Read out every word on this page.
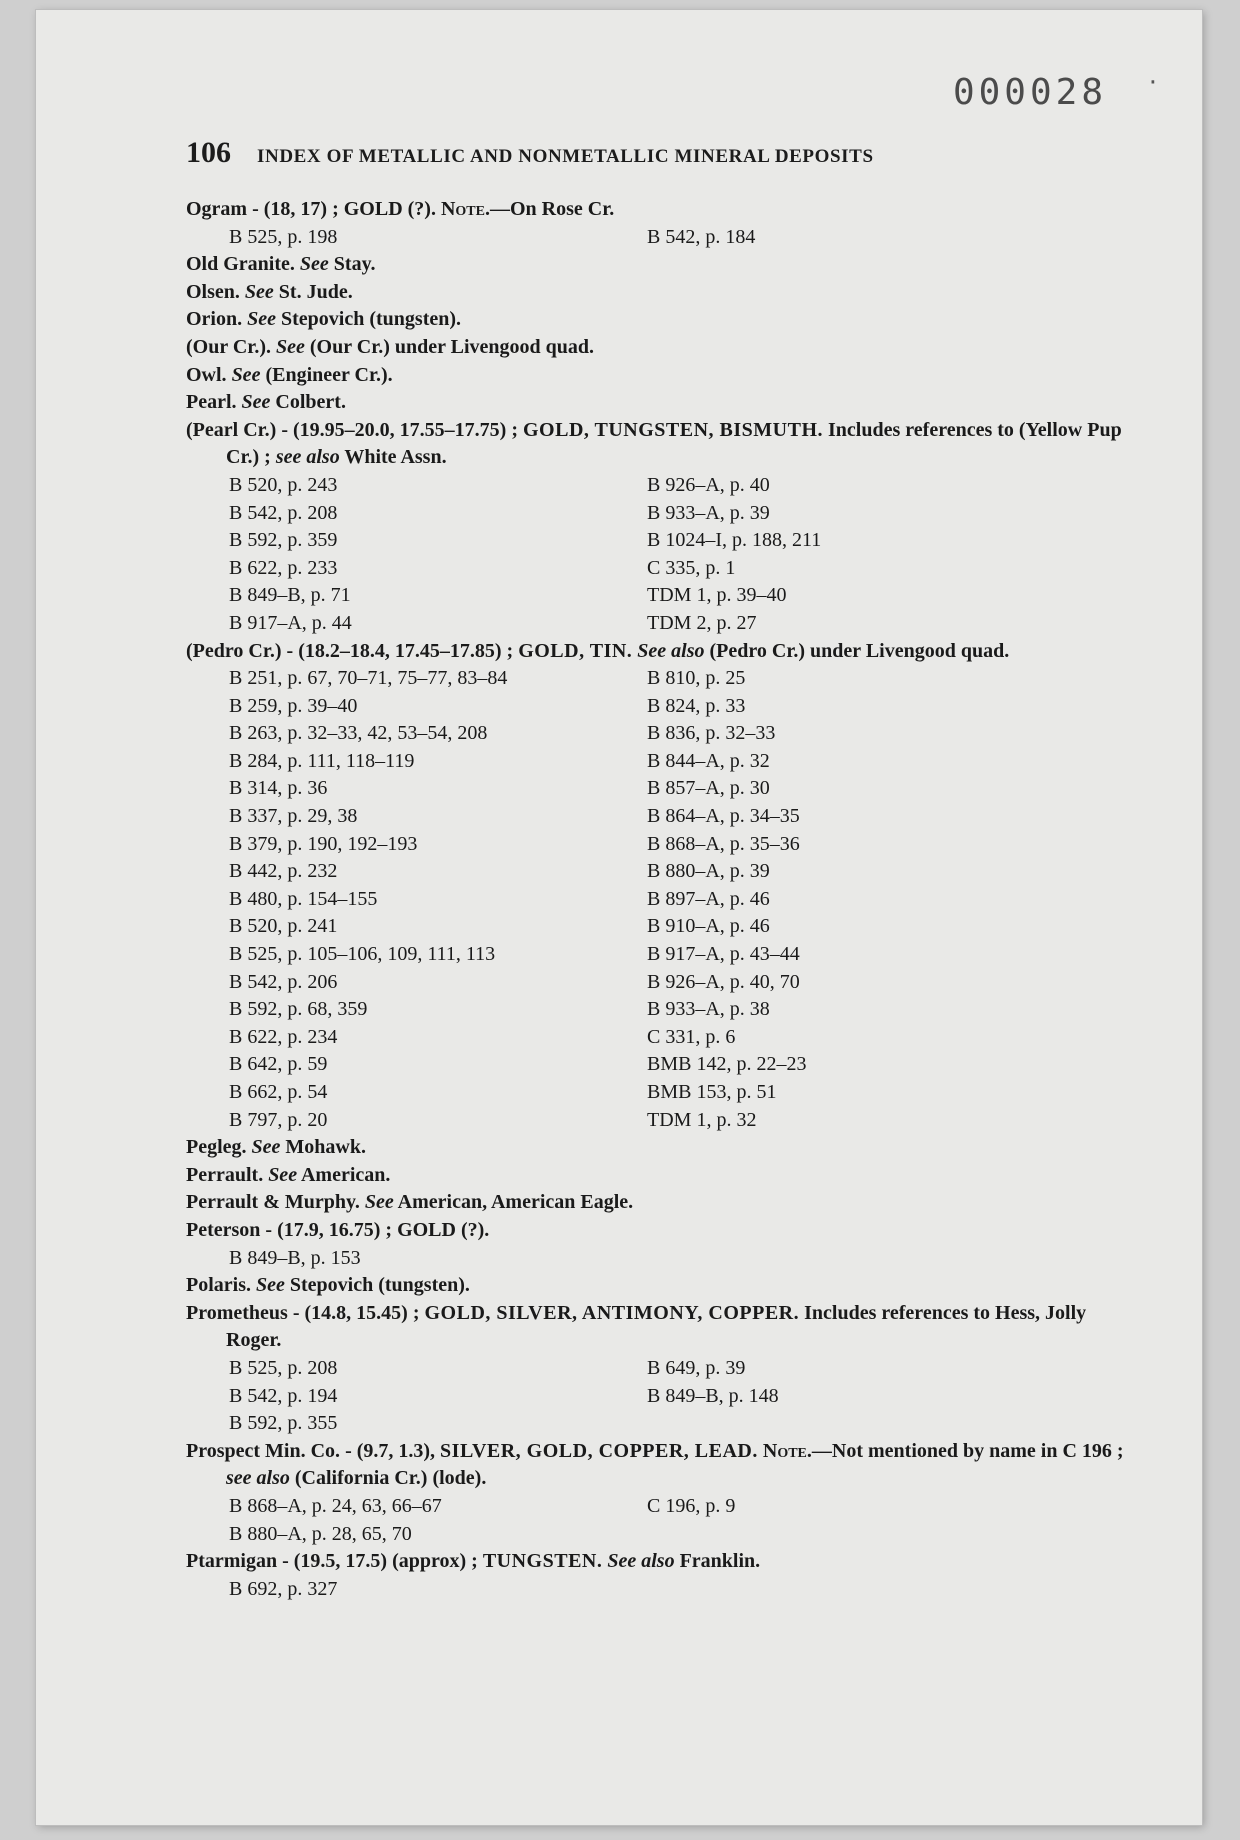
000028 ·
106 INDEX OF METALLIC AND NONMETALLIC MINERAL DEPOSITS
Ogram - (18, 17) ; GOLD (?). Note.—On Rose Cr.
B 525, p. 198	B 542, p. 184
Old Granite. See Stay.
Olsen. See St. Jude.
Orion. See Stepovich (tungsten).
(Our Cr.). See (Our Cr.) under Livengood quad.
Owl. See (Engineer Cr.).
Pearl. See Colbert.
(Pearl Cr.) - (19.95–20.0, 17.55–17.75) ; GOLD, TUNGSTEN, BISMUTH. Includes references to (Yellow Pup Cr.) ; see also White Assn.
B 520, p. 243	B 926–A, p. 40
B 542, p. 208	B 933–A, p. 39
B 592, p. 359	B 1024–I, p. 188, 211
B 622, p. 233	C 335, p. 1
B 849–B, p. 71	TDM 1, p. 39–40
B 917–A, p. 44	TDM 2, p. 27
(Pedro Cr.) - (18.2–18.4, 17.45–17.85) ; GOLD, TIN. See also (Pedro Cr.) under Livengood quad.
B 251, p. 67, 70–71, 75–77, 83–84	B 810, p. 25
B 259, p. 39–40	B 824, p. 33
B 263, p. 32–33, 42, 53–54, 208	B 836, p. 32–33
B 284, p. 111, 118–119	B 844–A, p. 32
B 314, p. 36	B 857–A, p. 30
B 337, p. 29, 38	B 864–A, p. 34–35
B 379, p. 190, 192–193	B 868–A, p. 35–36
B 442, p. 232	B 880–A, p. 39
B 480, p. 154–155	B 897–A, p. 46
B 520, p. 241	B 910–A, p. 46
B 525, p. 105–106, 109, 111, 113	B 917–A, p. 43–44
B 542, p. 206	B 926–A, p. 40, 70
B 592, p. 68, 359	B 933–A, p. 38
B 622, p. 234	C 331, p. 6
B 642, p. 59	BMB 142, p. 22–23
B 662, p. 54	BMB 153, p. 51
B 797, p. 20	TDM 1, p. 32
Pegleg. See Mohawk.
Perrault. See American.
Perrault & Murphy. See American, American Eagle.
Peterson - (17.9, 16.75) ; GOLD (?).
B 849–B, p. 153
Polaris. See Stepovich (tungsten).
Prometheus - (14.8, 15.45) ; GOLD, SILVER, ANTIMONY, COPPER. Includes references to Hess, Jolly Roger.
B 525, p. 208	B 649, p. 39
B 542, p. 194	B 849–B, p. 148
B 592, p. 355
Prospect Min. Co. - (9.7, 1.3), SILVER, GOLD, COPPER, LEAD. Note.—Not mentioned by name in C 196 ; see also (California Cr.) (lode).
B 868–A, p. 24, 63, 66–67	C 196, p. 9
B 880–A, p. 28, 65, 70
Ptarmigan - (19.5, 17.5) (approx) ; TUNGSTEN. See also Franklin.
B 692, p. 327
